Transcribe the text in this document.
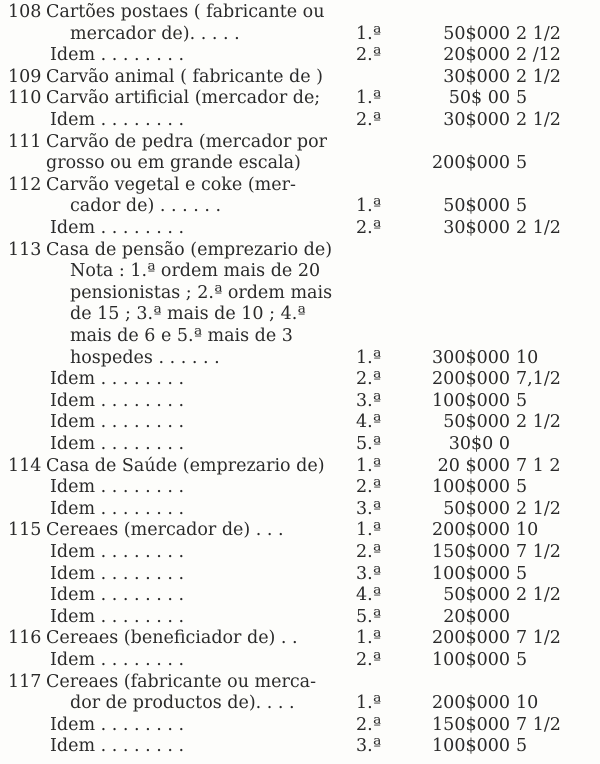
108 Cartões postaes ( fabricante ou
mercador de). . . . .	1.ª	50$000 2 1/2
Idem . . . . . . . .	2.ª	20$000 2 /12
109 Carvão animal ( fabricante de )	30$000 2 1/2
110 Carvão artificial (mercador de; 1.ª	50$ 00 5
Idem . . . . . . . .	2.ª	30$000 2 1/2
111 Carvão de pedra (mercador por
grosso ou em grande escala)	200$000 5
112 Carvão vegetal e coke (mer-
cador de) . . . . . .	1.ª	50$000 5
Idem . . . . . . . .	2.ª	30$000 2 1/2
113 Casa de pensão (emprezario de)
Nota : 1.ª ordem mais de 20
pensionistas ; 2.ª ordem mais
de 15 ; 3.ª mais de 10 ; 4.ª
mais de 6 e 5.ª mais de 3
hospedes . . . . . .	1.ª	300$000 10
Idem . . . . . . . .	2.ª	200$000 7,1/2
Idem . . . . . . . .	3.ª	100$000 5
Idem . . . . . . . .	4.ª	50$000 2 1/2
Idem . . . . . . . .	5.ª	30$0 0
114 Casa de Saúde (emprezario de) 1.ª	20 $000 7 1 2
Idem . . . . . . . .	2.ª	100$000 5
Idem . . . . . . . .	3.ª	50$000 2 1/2
115 Cereaes (mercador de) . . .	1.ª	200$000 10
Idem . . . . . . . .	2.ª	150$000 7 1/2
Idem . . . . . . . .	3.ª	100$000 5
Idem . . . . . . . .	4.ª	50$000 2 1/2
Idem . . . . . . . .	5.ª	20$000
116 Cereaes (beneficiador de) . .	1.ª	200$000 7 1/2
Idem . . . . . . . .	2.ª	100$000 5
117 Cereaes (fabricante ou merca-
dor de productos de). . . .	1.ª	200$000 10
Idem . . . . . . . .	2.ª	150$000 7 1/2
Idem . . . . . . . .	3.ª	100$000 5
